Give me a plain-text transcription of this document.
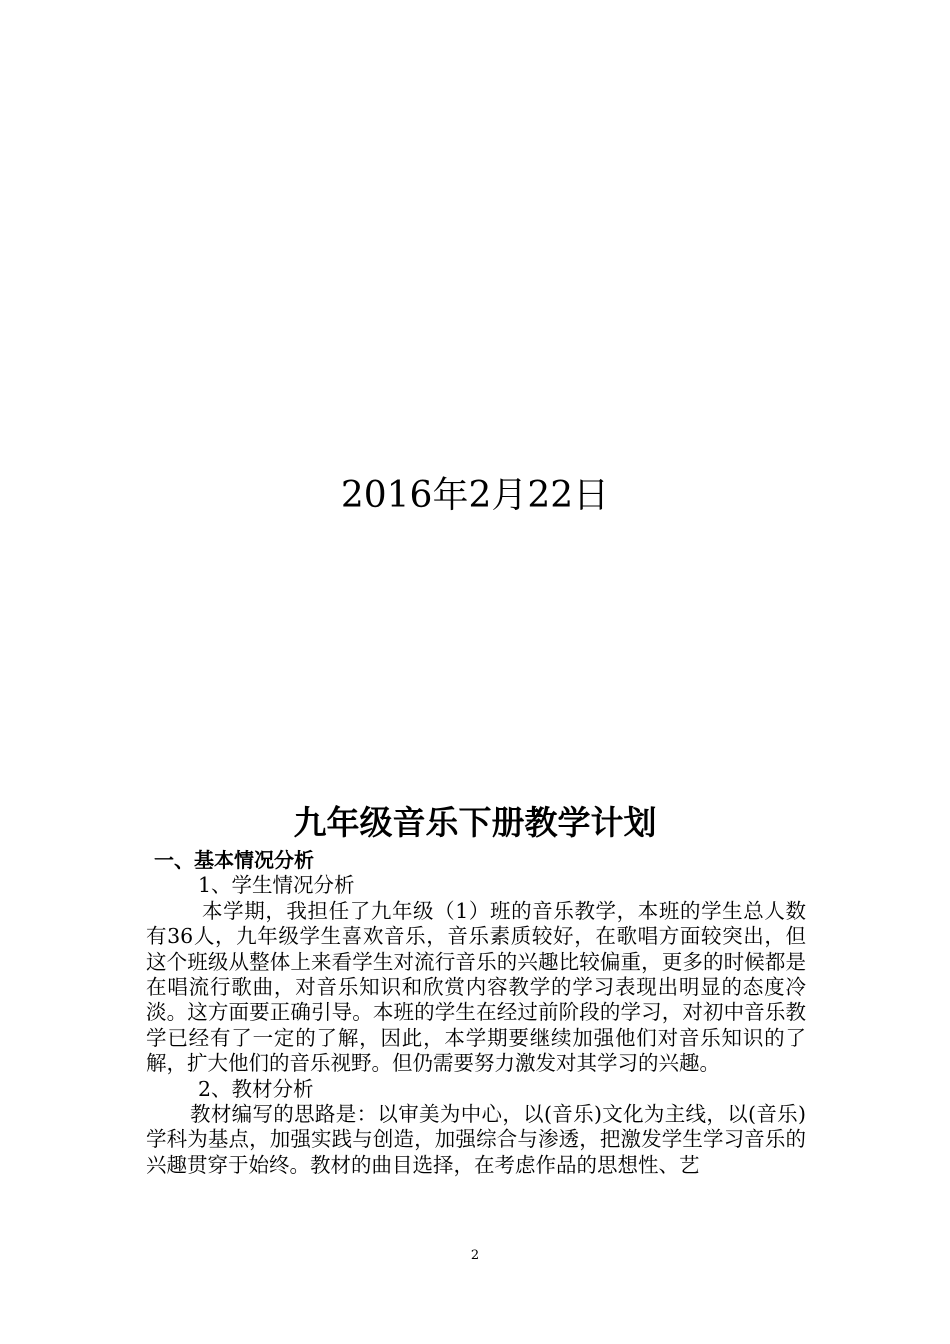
2016年2月22日
九年级音乐下册教学计划
一、基本情况分析
1、学生情况分析

本学期，我担任了九年级（1）班的音乐教学，本班的学生总人数有36人，九年级学生喜欢音乐，音乐素质较好，在歌唱方面较突出，但这个班级从整体上来看学生对流行音乐的兴趣比较偏重，更多的时候都是在唱流行歌曲，对音乐知识和欣赏内容教学的学习表现出明显的态度冷淡。这方面要正确引导。本班的学生在经过前阶段的学习，对初中音乐教学已经有了一定的了解，因此，本学期要继续加强他们对音乐知识的了解，扩大他们的音乐视野。但仍需要努力激发对其学习的兴趣。

2、教材分析

教材编写的思路是：以审美为中心，以(音乐)文化为主线，以(音乐)学科为基点，加强实践与创造，加强综合与渗透，把激发学生学习音乐的兴趣贯穿于始终。教材的曲目选择，在考虑作品的思想性、艺

2
